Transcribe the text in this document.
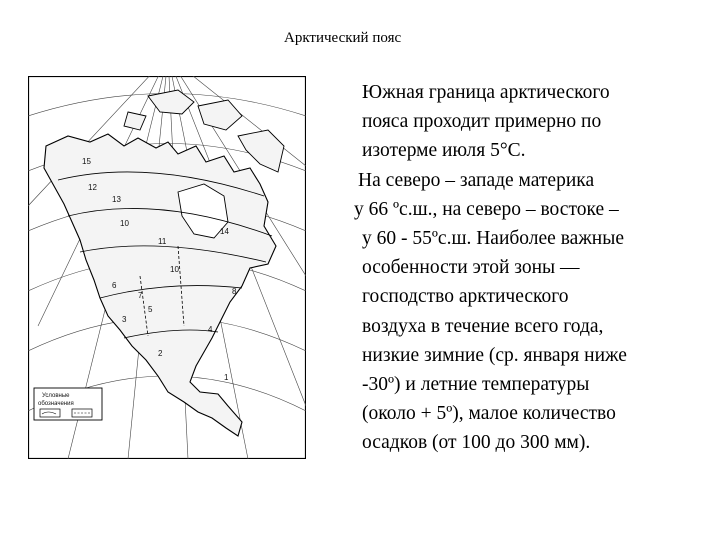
Арктический пояс
15
12
13
10
14
11
10
7
6
8
5
3
4
2
1
Условные
обозначения
Южная граница арктического
пояса проходит примерно по
изотерме июля 5°С.
На северо – западе материка
у 66 ºс.ш., на северо – востоке –
у 60 - 55ºс.ш. Наиболее важные
особенности этой зоны —
господство арктического
воздуха в течение всего года,
низкие зимние (ср. января ниже
-30º) и летние температуры
(около + 5º), малое количество
осадков (от 100 до 300 мм).
